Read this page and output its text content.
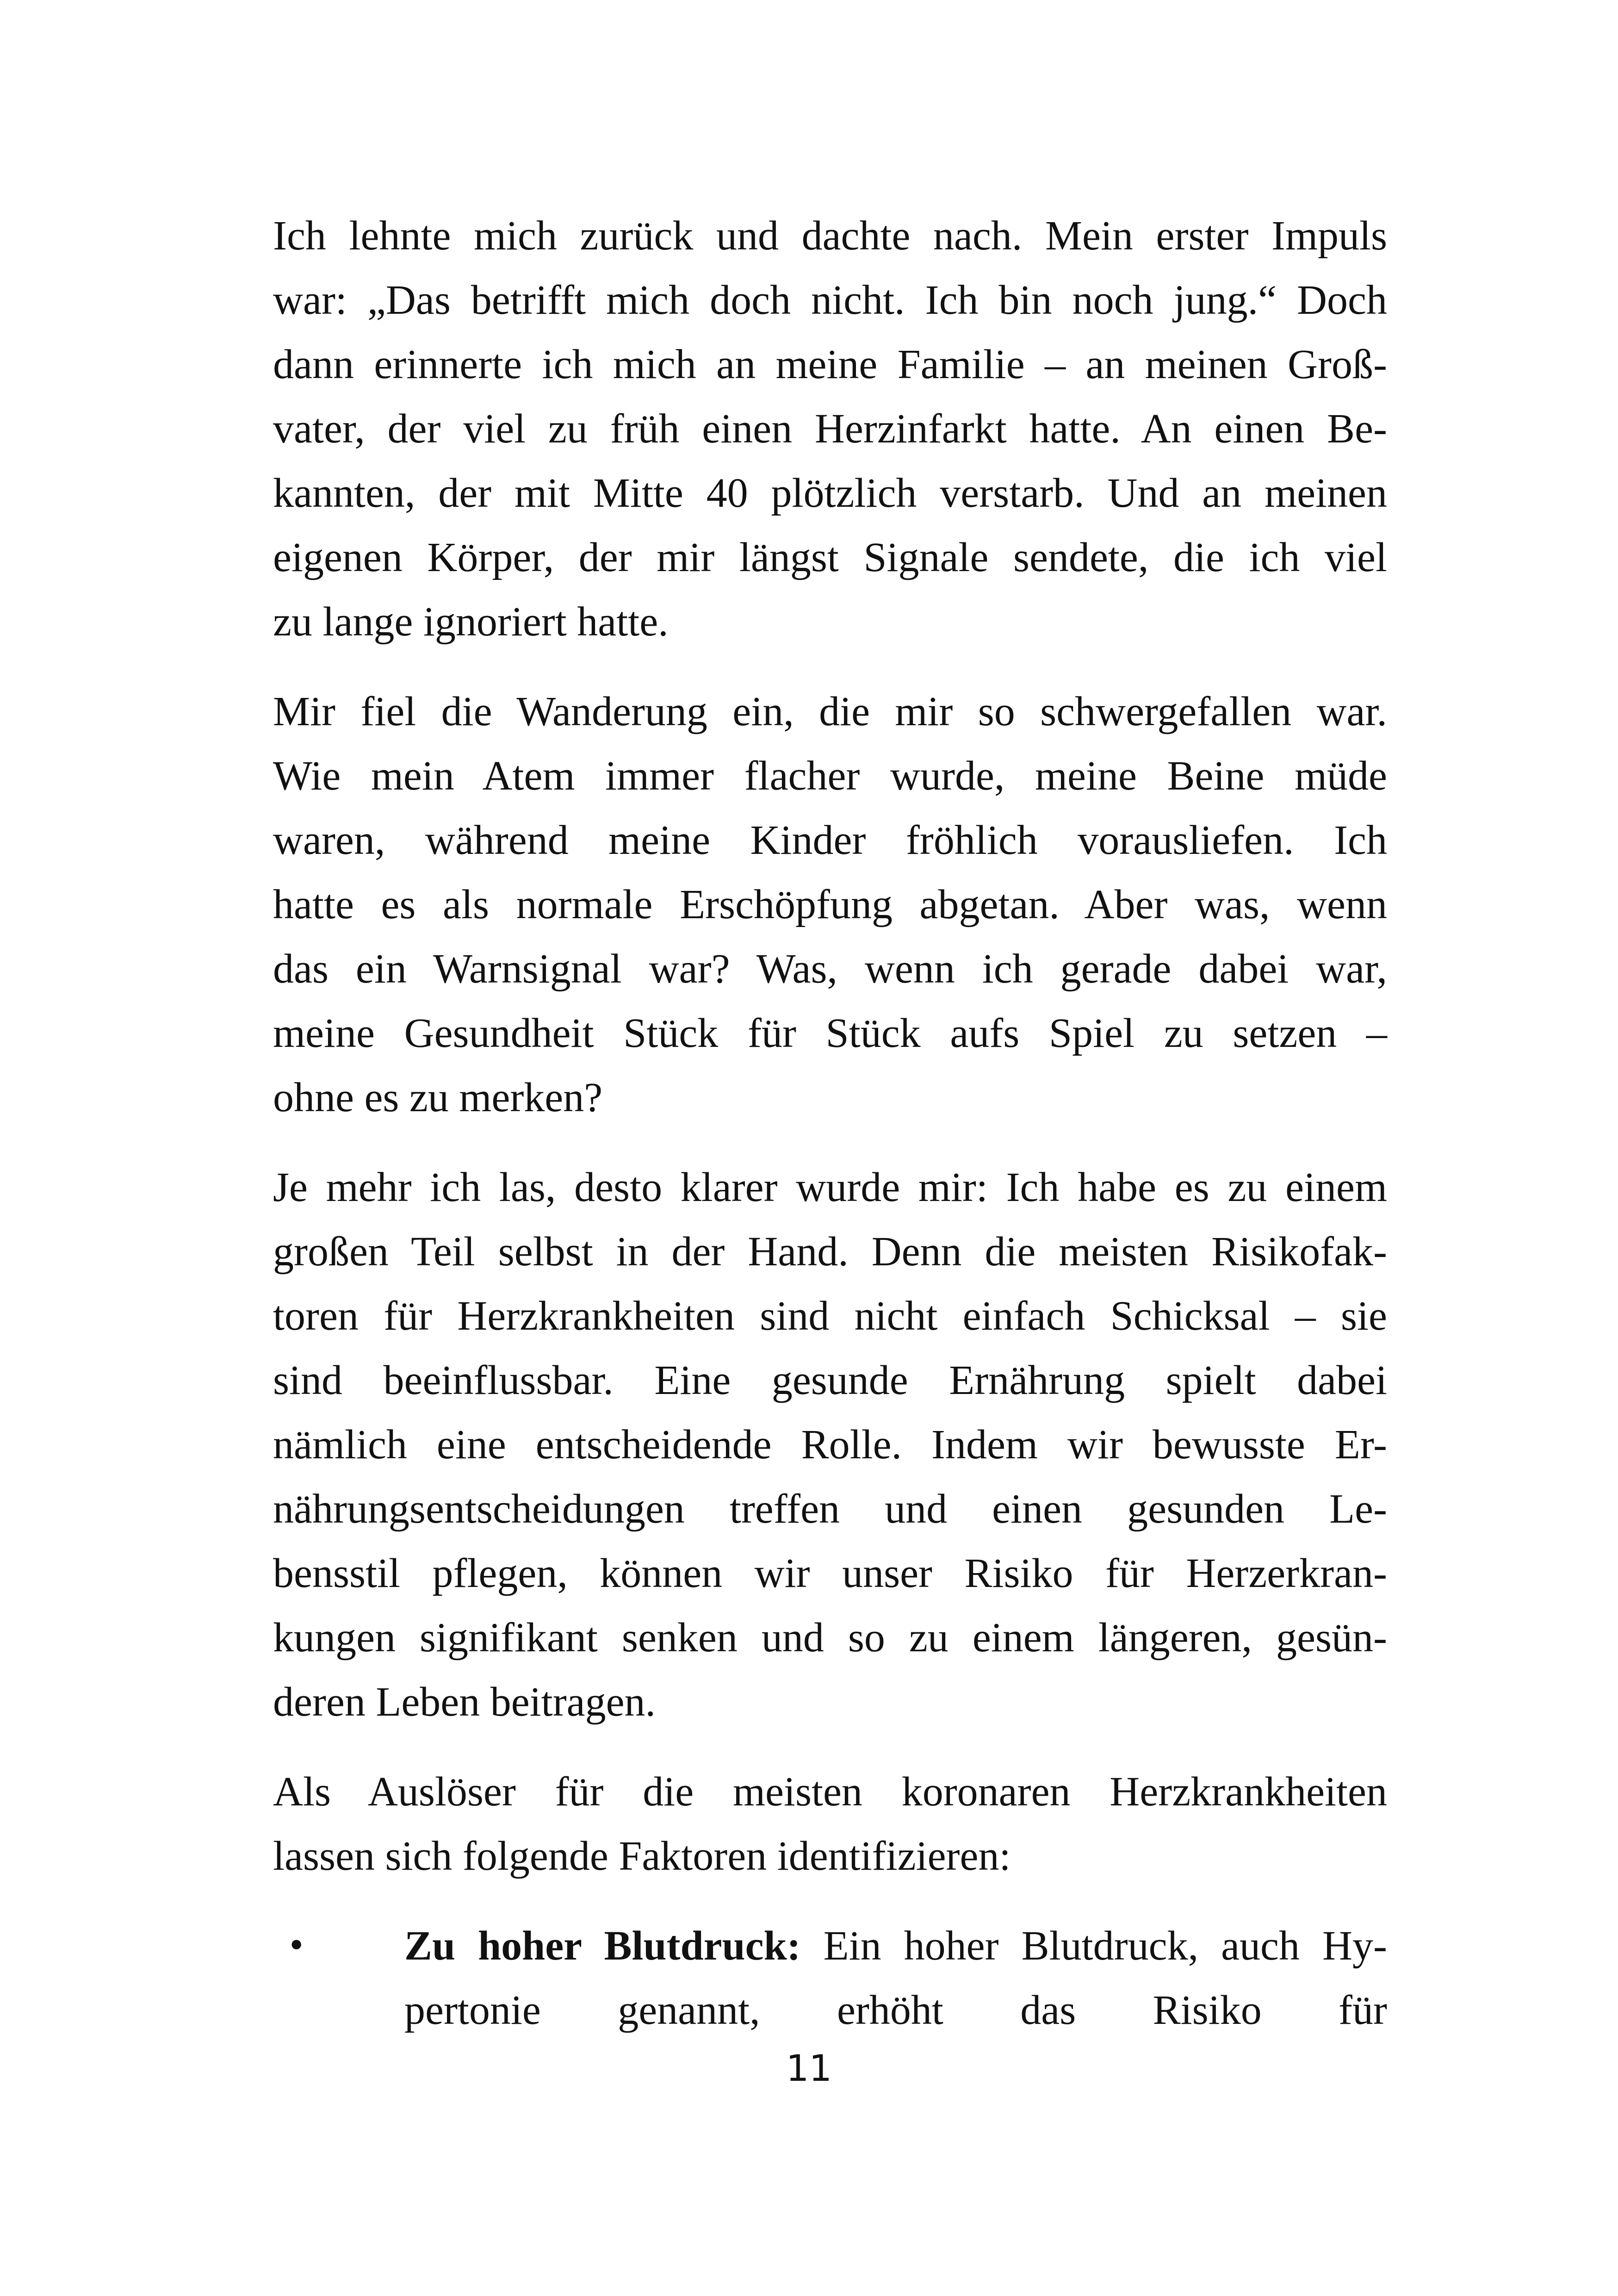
Ich lehnte mich zurück und dachte nach. Mein erster Impuls
war: „Das betrifft mich doch nicht. Ich bin noch jung.“ Doch
dann erinnerte ich mich an meine Familie – an meinen Groß-
vater, der viel zu früh einen Herzinfarkt hatte. An einen Be-
kannten, der mit Mitte 40 plötzlich verstarb. Und an meinen
eigenen Körper, der mir längst Signale sendete, die ich viel
zu lange ignoriert hatte.

Mir fiel die Wanderung ein, die mir so schwergefallen war.
Wie mein Atem immer flacher wurde, meine Beine müde
waren, während meine Kinder fröhlich vorausliefen. Ich
hatte es als normale Erschöpfung abgetan. Aber was, wenn
das ein Warnsignal war? Was, wenn ich gerade dabei war,
meine Gesundheit Stück für Stück aufs Spiel zu setzen –
ohne es zu merken?

Je mehr ich las, desto klarer wurde mir: Ich habe es zu einem
großen Teil selbst in der Hand. Denn die meisten Risikofak-
toren für Herzkrankheiten sind nicht einfach Schicksal – sie
sind beeinflussbar. Eine gesunde Ernährung spielt dabei
nämlich eine entscheidende Rolle. Indem wir bewusste Er-
nährungsentscheidungen treffen und einen gesunden Le-
bensstil pflegen, können wir unser Risiko für Herzerkran-
kungen signifikant senken und so zu einem längeren, gesün-
deren Leben beitragen.

Als Auslöser für die meisten koronaren Herzkrankheiten
lassen sich folgende Faktoren identifizieren:

• Zu hoher Blutdruck: Ein hoher Blutdruck, auch Hy-
pertonie genannt, erhöht das Risiko für
11
